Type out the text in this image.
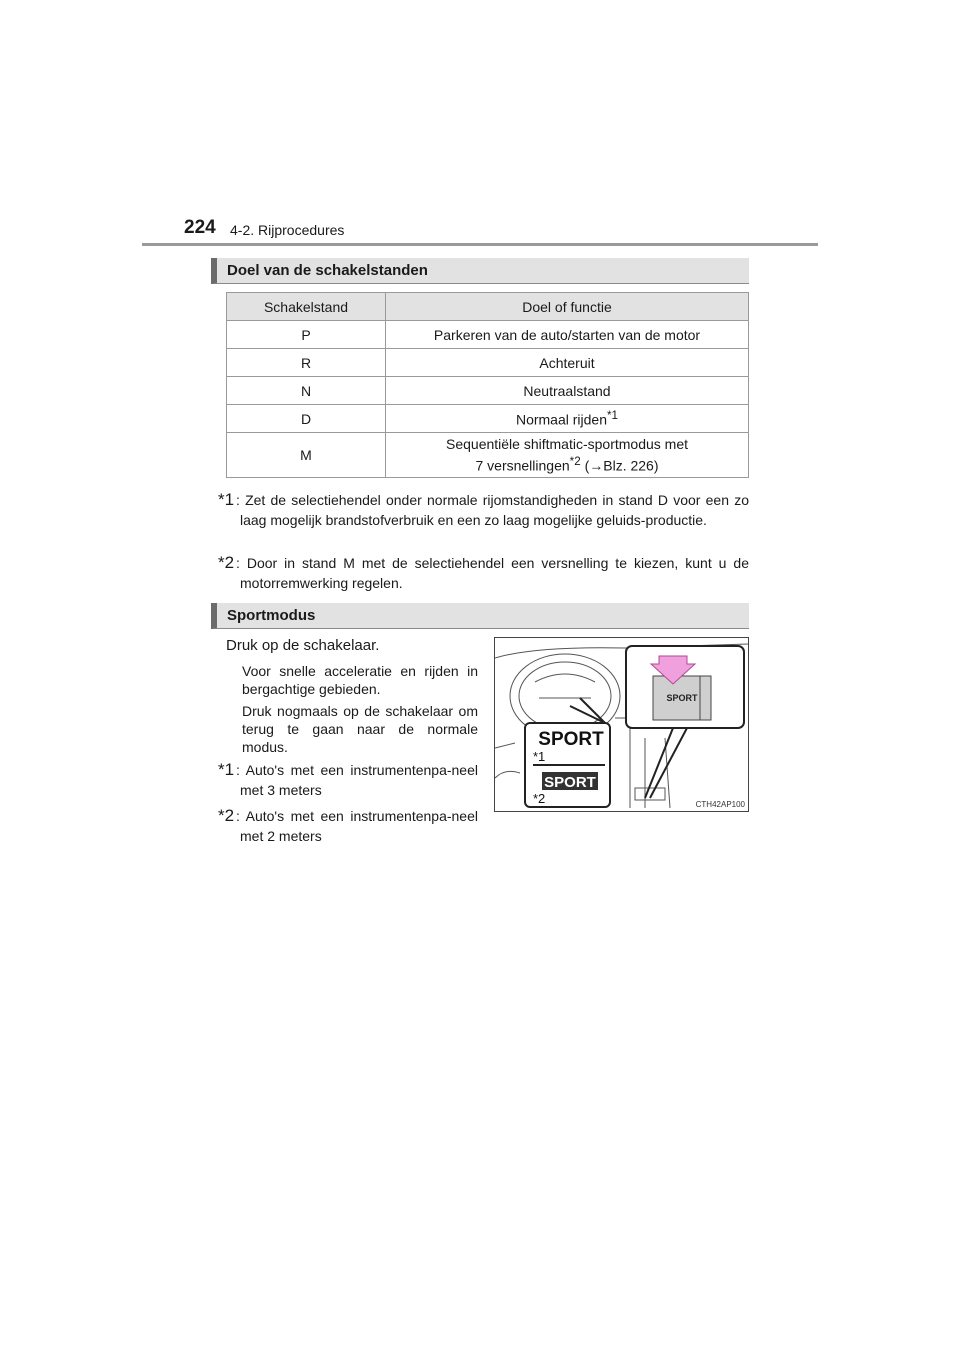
224 4-2. Rijprocedures
Doel van de schakelstanden
Schakelstand	Doel of functie
P	Parkeren van de auto/starten van de motor
R	Achteruit
N	Neutraalstand
D	Normaal rijden$^{*1}$
M	Sequentiële shiftmatic-sportmodus met
7 versnellingen$^{*2}$ (→Blz. 226)
*1 : Zet de selectiehendel onder normale rijomstandigheden in stand D voor een zo laag mogelijk brandstofverbruik en een zo laag mogelijke geluids-productie.
*2 : Door in stand M met de selectiehendel een versnelling te kiezen, kunt u de motorremwerking regelen.
Sportmodus
Druk op de schakelaar.
Voor snelle acceleratie en rijden in bergachtige gebieden.
Druk nogmaals op de schakelaar om terug te gaan naar de normale modus.
*1 : Auto's met een instrumentenpa-neel met 3 meters
*2 : Auto's met een instrumentenpa-neel met 2 meters
SPORT
SPORT
*1
SPORT
*2	CTH42AP100
